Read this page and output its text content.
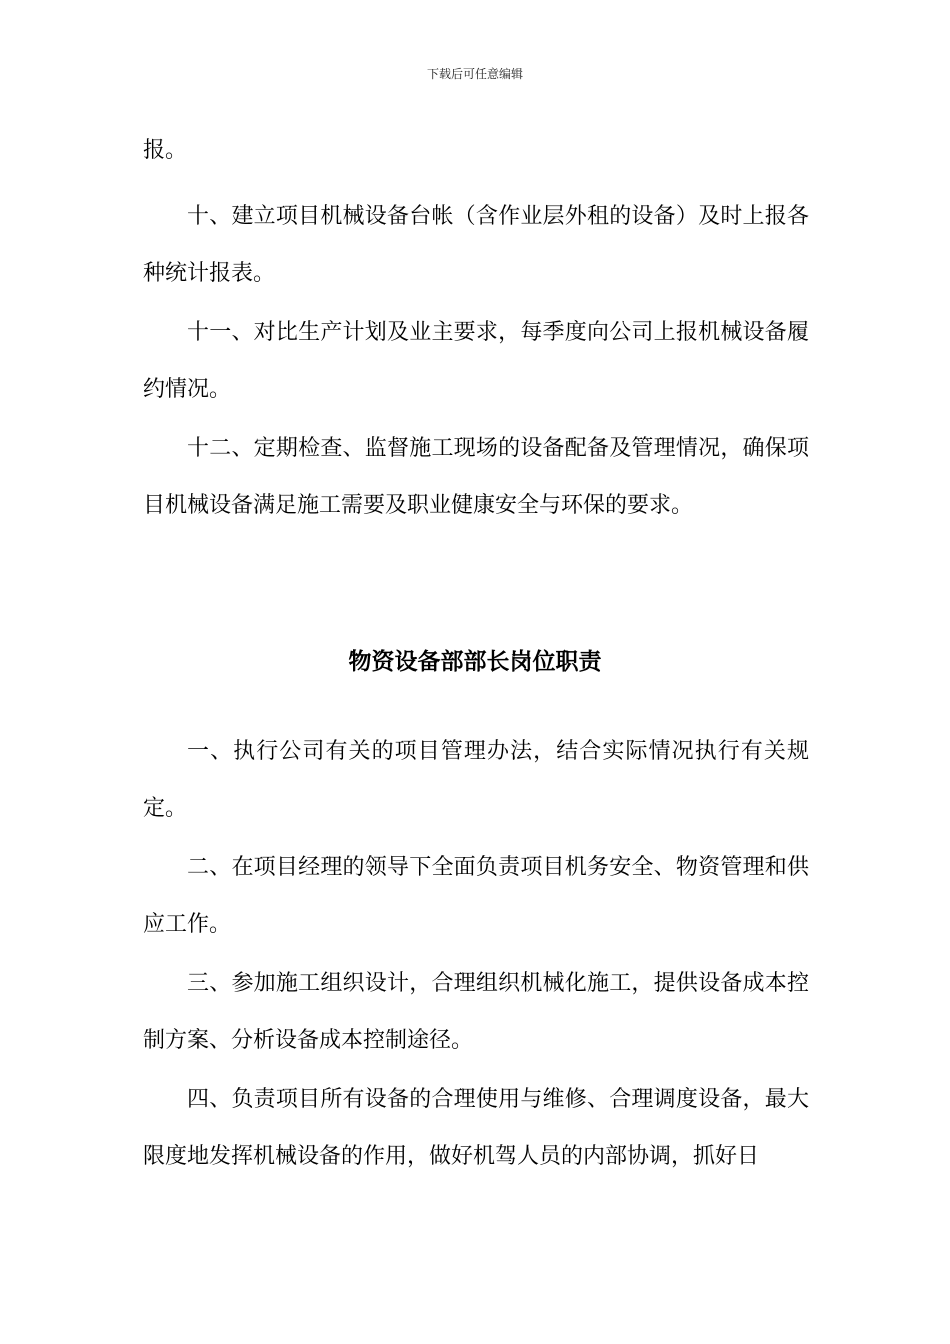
下载后可任意编辑

报。

十、建立项目机械设备台帐（含作业层外租的设备）及时上报各种统计报表。

十一、对比生产计划及业主要求，每季度向公司上报机械设备履约情况。

十二、定期检查、监督施工现场的设备配备及管理情况，确保项目机械设备满足施工需要及职业健康安全与环保的要求。

物资设备部部长岗位职责

一、执行公司有关的项目管理办法，结合实际情况执行有关规定。

二、在项目经理的领导下全面负责项目机务安全、物资管理和供应工作。

三、参加施工组织设计，合理组织机械化施工，提供设备成本控制方案、分析设备成本控制途径。

四、负责项目所有设备的合理使用与维修、合理调度设备，最大限度地发挥机械设备的作用，做好机驾人员的内部协调，抓好日
